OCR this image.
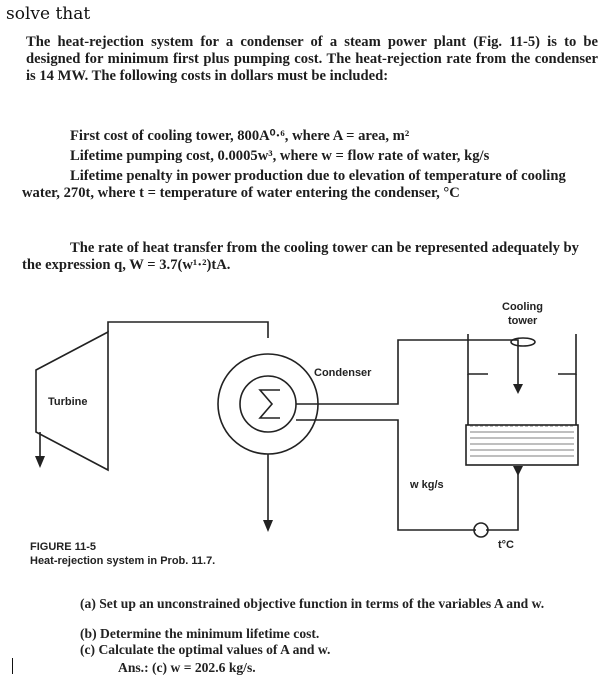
solve that
The heat-rejection system for a condenser of a steam power plant (Fig. 11-5) is to be designed for minimum first plus pumping cost. The heat-rejection rate from the condenser is 14 MW. The following costs in dollars must be included:
First cost of cooling tower, 800A⁰·⁶, where A = area, m²
Lifetime pumping cost, 0.0005w³, where w = flow rate of water, kg/s
Lifetime penalty in power production due to elevation of temperature of cooling water, 270t, where t = temperature of water entering the condenser, °C
The rate of heat transfer from the cooling tower can be represented adequately by the expression q, W = 3.7(w¹·²)tA.
Turbine
Condenser
Cooling
tower
w kg/s
t°C
FIGURE 11-5
Heat-rejection system in Prob. 11.7.
(a) Set up an unconstrained objective function in terms of the variables A and w.
(b) Determine the minimum lifetime cost.
(c) Calculate the optimal values of A and w.
Ans.: (c) w = 202.6 kg/s.
